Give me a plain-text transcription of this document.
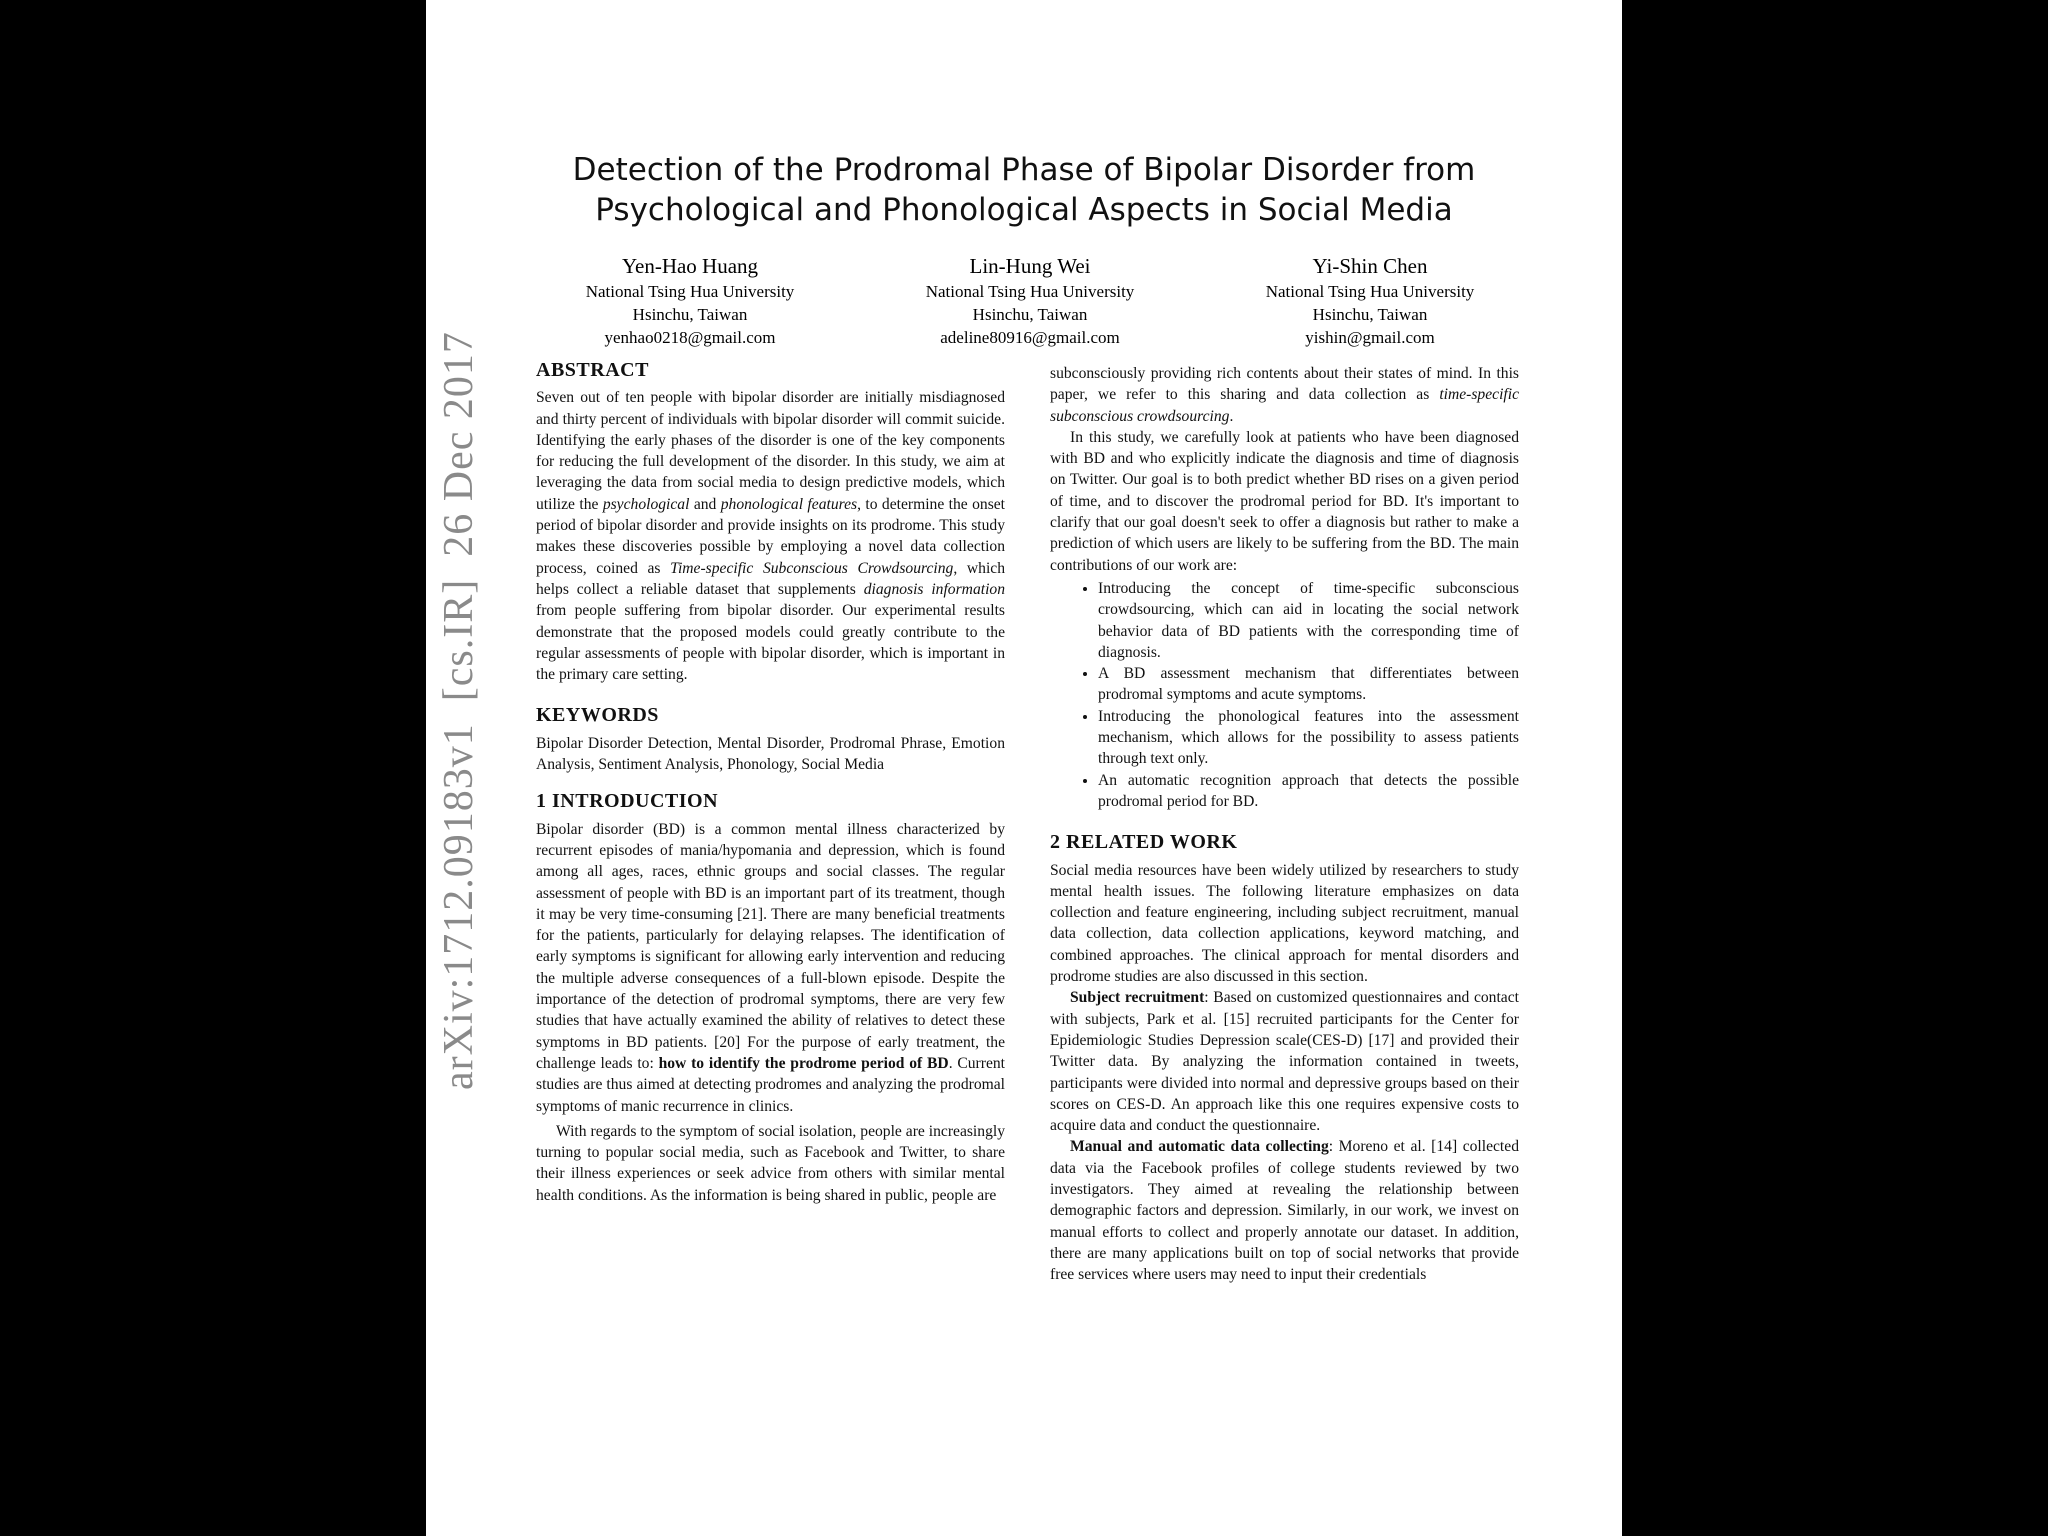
arXiv:1712.09183v1[cs.IR]26 Dec 2017
Detection of the Prodromal Phase of Bipolar Disorder from
Psychological and Phonological Aspects in Social Media
Yen-Hao Huang
National Tsing Hua University
Hsinchu, Taiwan
yenhao0218@gmail.com
Lin-Hung Wei
National Tsing Hua University
Hsinchu, Taiwan
adeline80916@gmail.com
Yi-Shin Chen
National Tsing Hua University
Hsinchu, Taiwan
yishin@gmail.com
ABSTRACT

Seven out of ten people with bipolar disorder are initially misdiagnosed and thirty percent of individuals with bipolar disorder will commit suicide. Identifying the early phases of the disorder is one of the key components for reducing the full development of the disorder. In this study, we aim at leveraging the data from social media to design predictive models, which utilize the psychological and phonological features, to determine the onset period of bipolar disorder and provide insights on its prodrome. This study makes these discoveries possible by employing a novel data collection process, coined as Time-specific Subconscious Crowdsourcing, which helps collect a reliable dataset that supplements diagnosis information from people suffering from bipolar disorder. Our experimental results demonstrate that the proposed models could greatly contribute to the regular assessments of people with bipolar disorder, which is important in the primary care setting.

KEYWORDS

Bipolar Disorder Detection, Mental Disorder, Prodromal Phrase, Emotion Analysis, Sentiment Analysis, Phonology, Social Media

1 INTRODUCTION

Bipolar disorder (BD) is a common mental illness characterized by recurrent episodes of mania/hypomania and depression, which is found among all ages, races, ethnic groups and social classes. The regular assessment of people with BD is an important part of its treatment, though it may be very time-consuming [21]. There are many beneficial treatments for the patients, particularly for delaying relapses. The identification of early symptoms is significant for allowing early intervention and reducing the multiple adverse consequences of a full-blown episode. Despite the importance of the detection of prodromal symptoms, there are very few studies that have actually examined the ability of relatives to detect these symptoms in BD patients. [20] For the purpose of early treatment, the challenge leads to: how to identify the prodrome period of BD. Current studies are thus aimed at detecting prodromes and analyzing the prodromal symptoms of manic recurrence in clinics.

With regards to the symptom of social isolation, people are increasingly turning to popular social media, such as Facebook and Twitter, to share their illness experiences or seek advice from others with similar mental health conditions. As the information is being shared in public, people are

subconsciously providing rich contents about their states of mind. In this paper, we refer to this sharing and data collection as time-specific subconscious crowdsourcing.

In this study, we carefully look at patients who have been diagnosed with BD and who explicitly indicate the diagnosis and time of diagnosis on Twitter. Our goal is to both predict whether BD rises on a given period of time, and to discover the prodromal period for BD. It's important to clarify that our goal doesn't seek to offer a diagnosis but rather to make a prediction of which users are likely to be suffering from the BD. The main contributions of our work are:

• Introducing the concept of time-specific subconscious crowdsourcing, which can aid in locating the social network behavior data of BD patients with the corresponding time of diagnosis.
• A BD assessment mechanism that differentiates between prodromal symptoms and acute symptoms.
• Introducing the phonological features into the assessment mechanism, which allows for the possibility to assess patients through text only.
• An automatic recognition approach that detects the possible prodromal period for BD.
2 RELATED WORK

Social media resources have been widely utilized by researchers to study mental health issues. The following literature emphasizes on data collection and feature engineering, including subject recruitment, manual data collection, data collection applications, keyword matching, and combined approaches. The clinical approach for mental disorders and prodrome studies are also discussed in this section.

Subject recruitment: Based on customized questionnaires and contact with subjects, Park et al. [15] recruited participants for the Center for Epidemiologic Studies Depression scale(CES-D) [17] and provided their Twitter data. By analyzing the information contained in tweets, participants were divided into normal and depressive groups based on their scores on CES-D. An approach like this one requires expensive costs to acquire data and conduct the questionnaire.

Manual and automatic data collecting: Moreno et al. [14] collected data via the Facebook profiles of college students reviewed by two investigators. They aimed at revealing the relationship between demographic factors and depression. Similarly, in our work, we invest on manual efforts to collect and properly annotate our dataset. In addition, there are many applications built on top of social networks that provide free services where users may need to input their credentials
